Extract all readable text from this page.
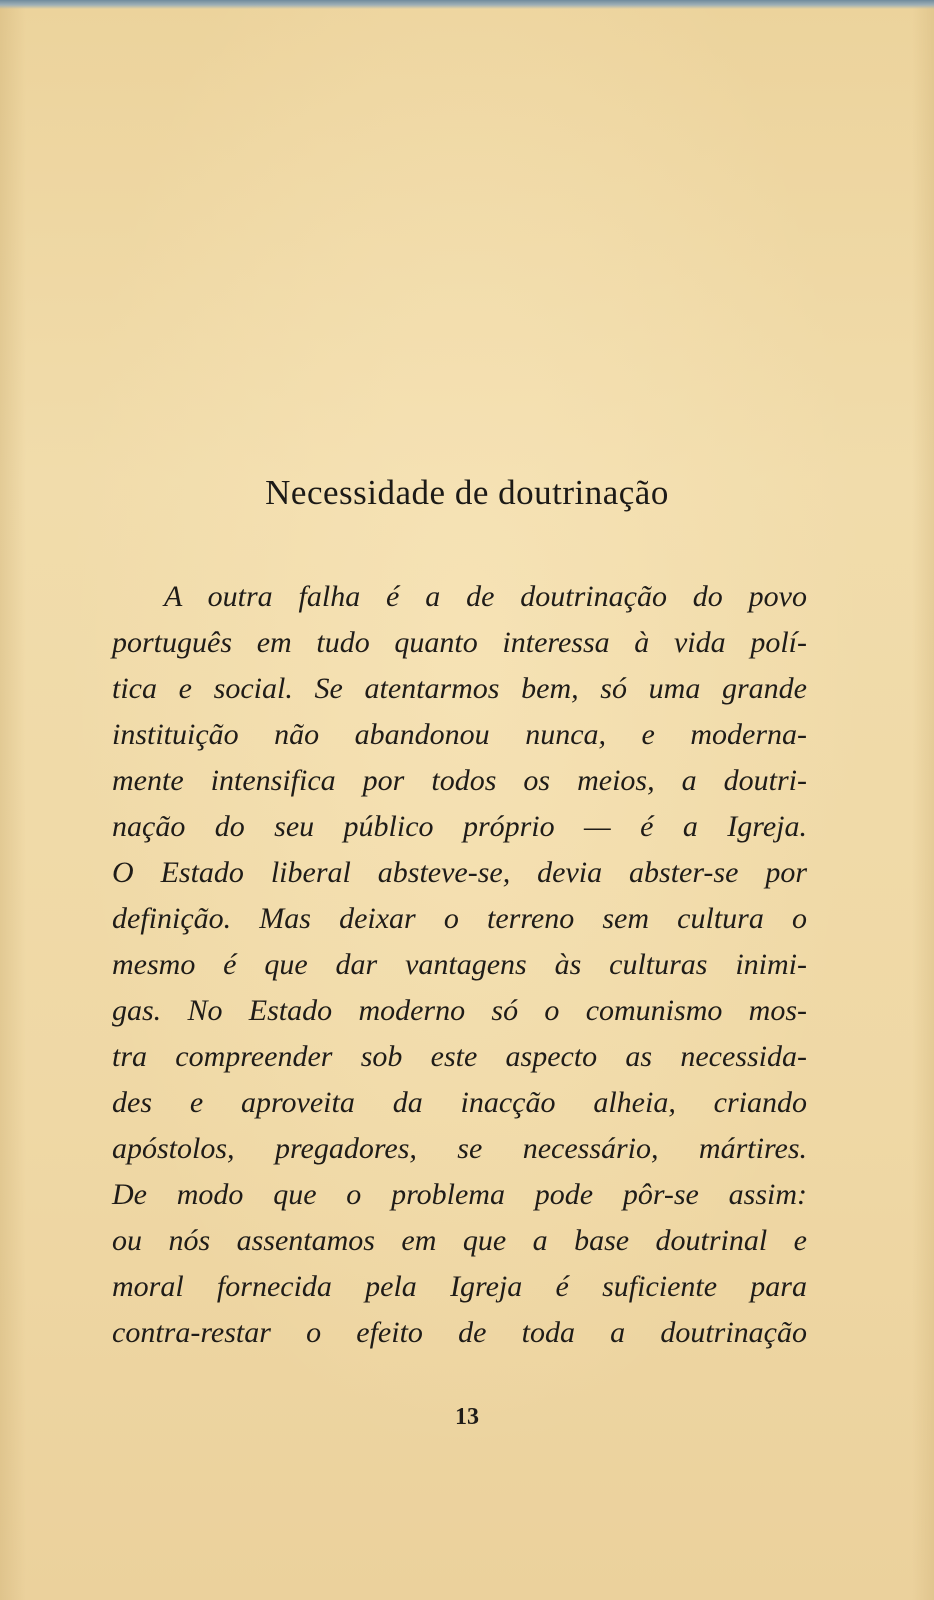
Necessidade de doutrinação
A outra falha é a de doutrinação do povo
português em tudo quanto interessa à vida polí-
tica e social. Se atentarmos bem, só uma grande
instituição não abandonou nunca, e moderna-
mente intensifica por todos os meios, a doutri-
nação do seu público próprio — é a Igreja.
O Estado liberal absteve-se, devia abster-se por
definição. Mas deixar o terreno sem cultura o
mesmo é que dar vantagens às culturas inimi-
gas. No Estado moderno só o comunismo mos-
tra compreender sob este aspecto as necessida-
des e aproveita da inacção alheia, criando
apóstolos, pregadores, se necessário, mártires.
De modo que o problema pode pôr-se assim:
ou nós assentamos em que a base doutrinal e
moral fornecida pela Igreja é suficiente para
contra-restar o efeito de toda a doutrinação
13
